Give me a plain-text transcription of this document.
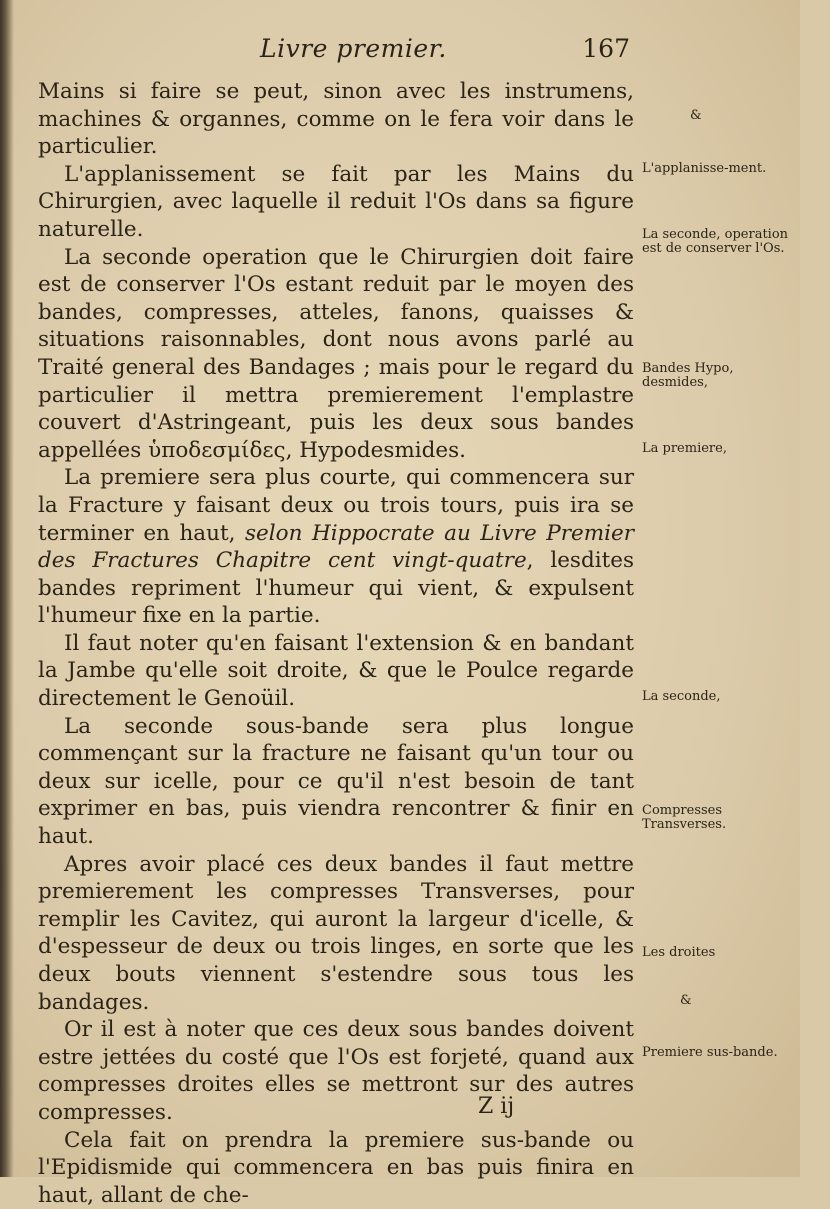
Livre premier.	167

Mains si faire se peut, sinon avec les instrumens, machines & organnes, comme on le fera voir dans le particulier.

L'applanissement se fait par les Mains du Chirurgien, avec laquelle il reduit l'Os dans sa figure naturelle.

La seconde operation que le Chirurgien doit faire est de conserver l'Os estant reduit par le moyen des bandes, compresses, atteles, fanons, quaisses & situations raisonnables, dont nous avons parlé au Traité general des Bandages ; mais pour le regard du particulier il mettra premierement l'emplastre couvert d'Astringeant, puis les deux sous bandes appellées ὑποδεσμίδες, Hypodesmides.

La premiere sera plus courte, qui commencera sur la Fracture y faisant deux ou trois tours, puis ira se terminer en haut, selon Hippocrate au Livre Premier des Fractures Chapitre cent vingt-quatre, lesdites bandes repriment l'humeur qui vient, & expulsent l'humeur fixe en la partie.

Il faut noter qu'en faisant l'extension & en bandant la Jambe qu'elle soit droite, & que le Poulce regarde directement le Genoüil.

La seconde sous-bande sera plus longue commençant sur la fracture ne faisant qu'un tour ou deux sur icelle, pour ce qu'il n'est besoin de tant exprimer en bas, puis viendra rencontrer & finir en haut.

Apres avoir placé ces deux bandes il faut mettre premierement les compresses Transverses, pour remplir les Cavitez, qui auront la largeur d'icelle, & d'espesseur de deux ou trois linges, en sorte que les deux bouts viennent s'estendre sous tous les bandages.

Or il est à noter que ces deux sous bandes doivent estre jettées du costé que l'Os est forjeté, quand aux compresses droites elles se mettront sur des autres compresses.

Cela fait on prendra la premiere sus-bande ou l'Epidismide qui commencera en bas puis finira en haut, allant de che-

&
L'applanisse-ment.
La seconde, operation est de conserver l'Os.
Bandes Hypo, desmides,
La premiere,
La seconde,
Compresses Transverses.
Les droites
&
Premiere sus-bande.
Z ij
